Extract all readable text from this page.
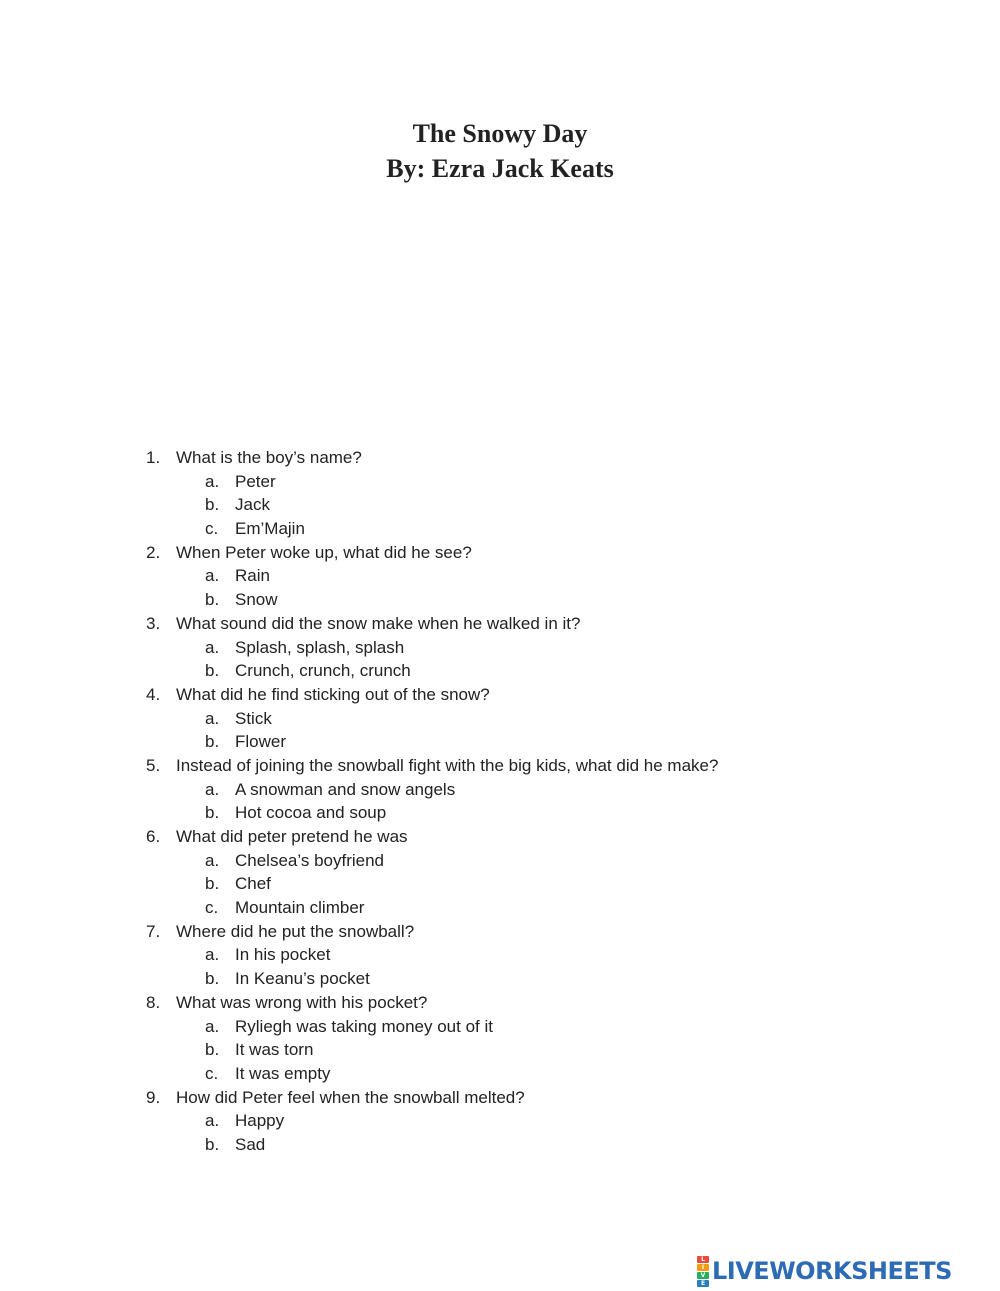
The Snowy Day
By: Ezra Jack Keats
1. What is the boy’s name?
a. Peter
b. Jack
c. Em’Majin
2. When Peter woke up, what did he see?
a. Rain
b. Snow
3. What sound did the snow make when he walked in it?
a. Splash, splash, splash
b. Crunch, crunch, crunch
4. What did he find sticking out of the snow?
a. Stick
b. Flower
5. Instead of joining the snowball fight with the big kids, what did he make?
a. A snowman and snow angels
b. Hot cocoa and soup
6. What did peter pretend he was
a. Chelsea’s boyfriend
b. Chef
c. Mountain climber
7. Where did he put the snowball?
a. In his pocket
b. In Keanu’s pocket
8. What was wrong with his pocket?
a. Ryliegh was taking money out of it
b. It was torn
c. It was empty
9. How did Peter feel when the snowball melted?
a. Happy
b. Sad
L
I
V
E LIVEWORKSHEETS
